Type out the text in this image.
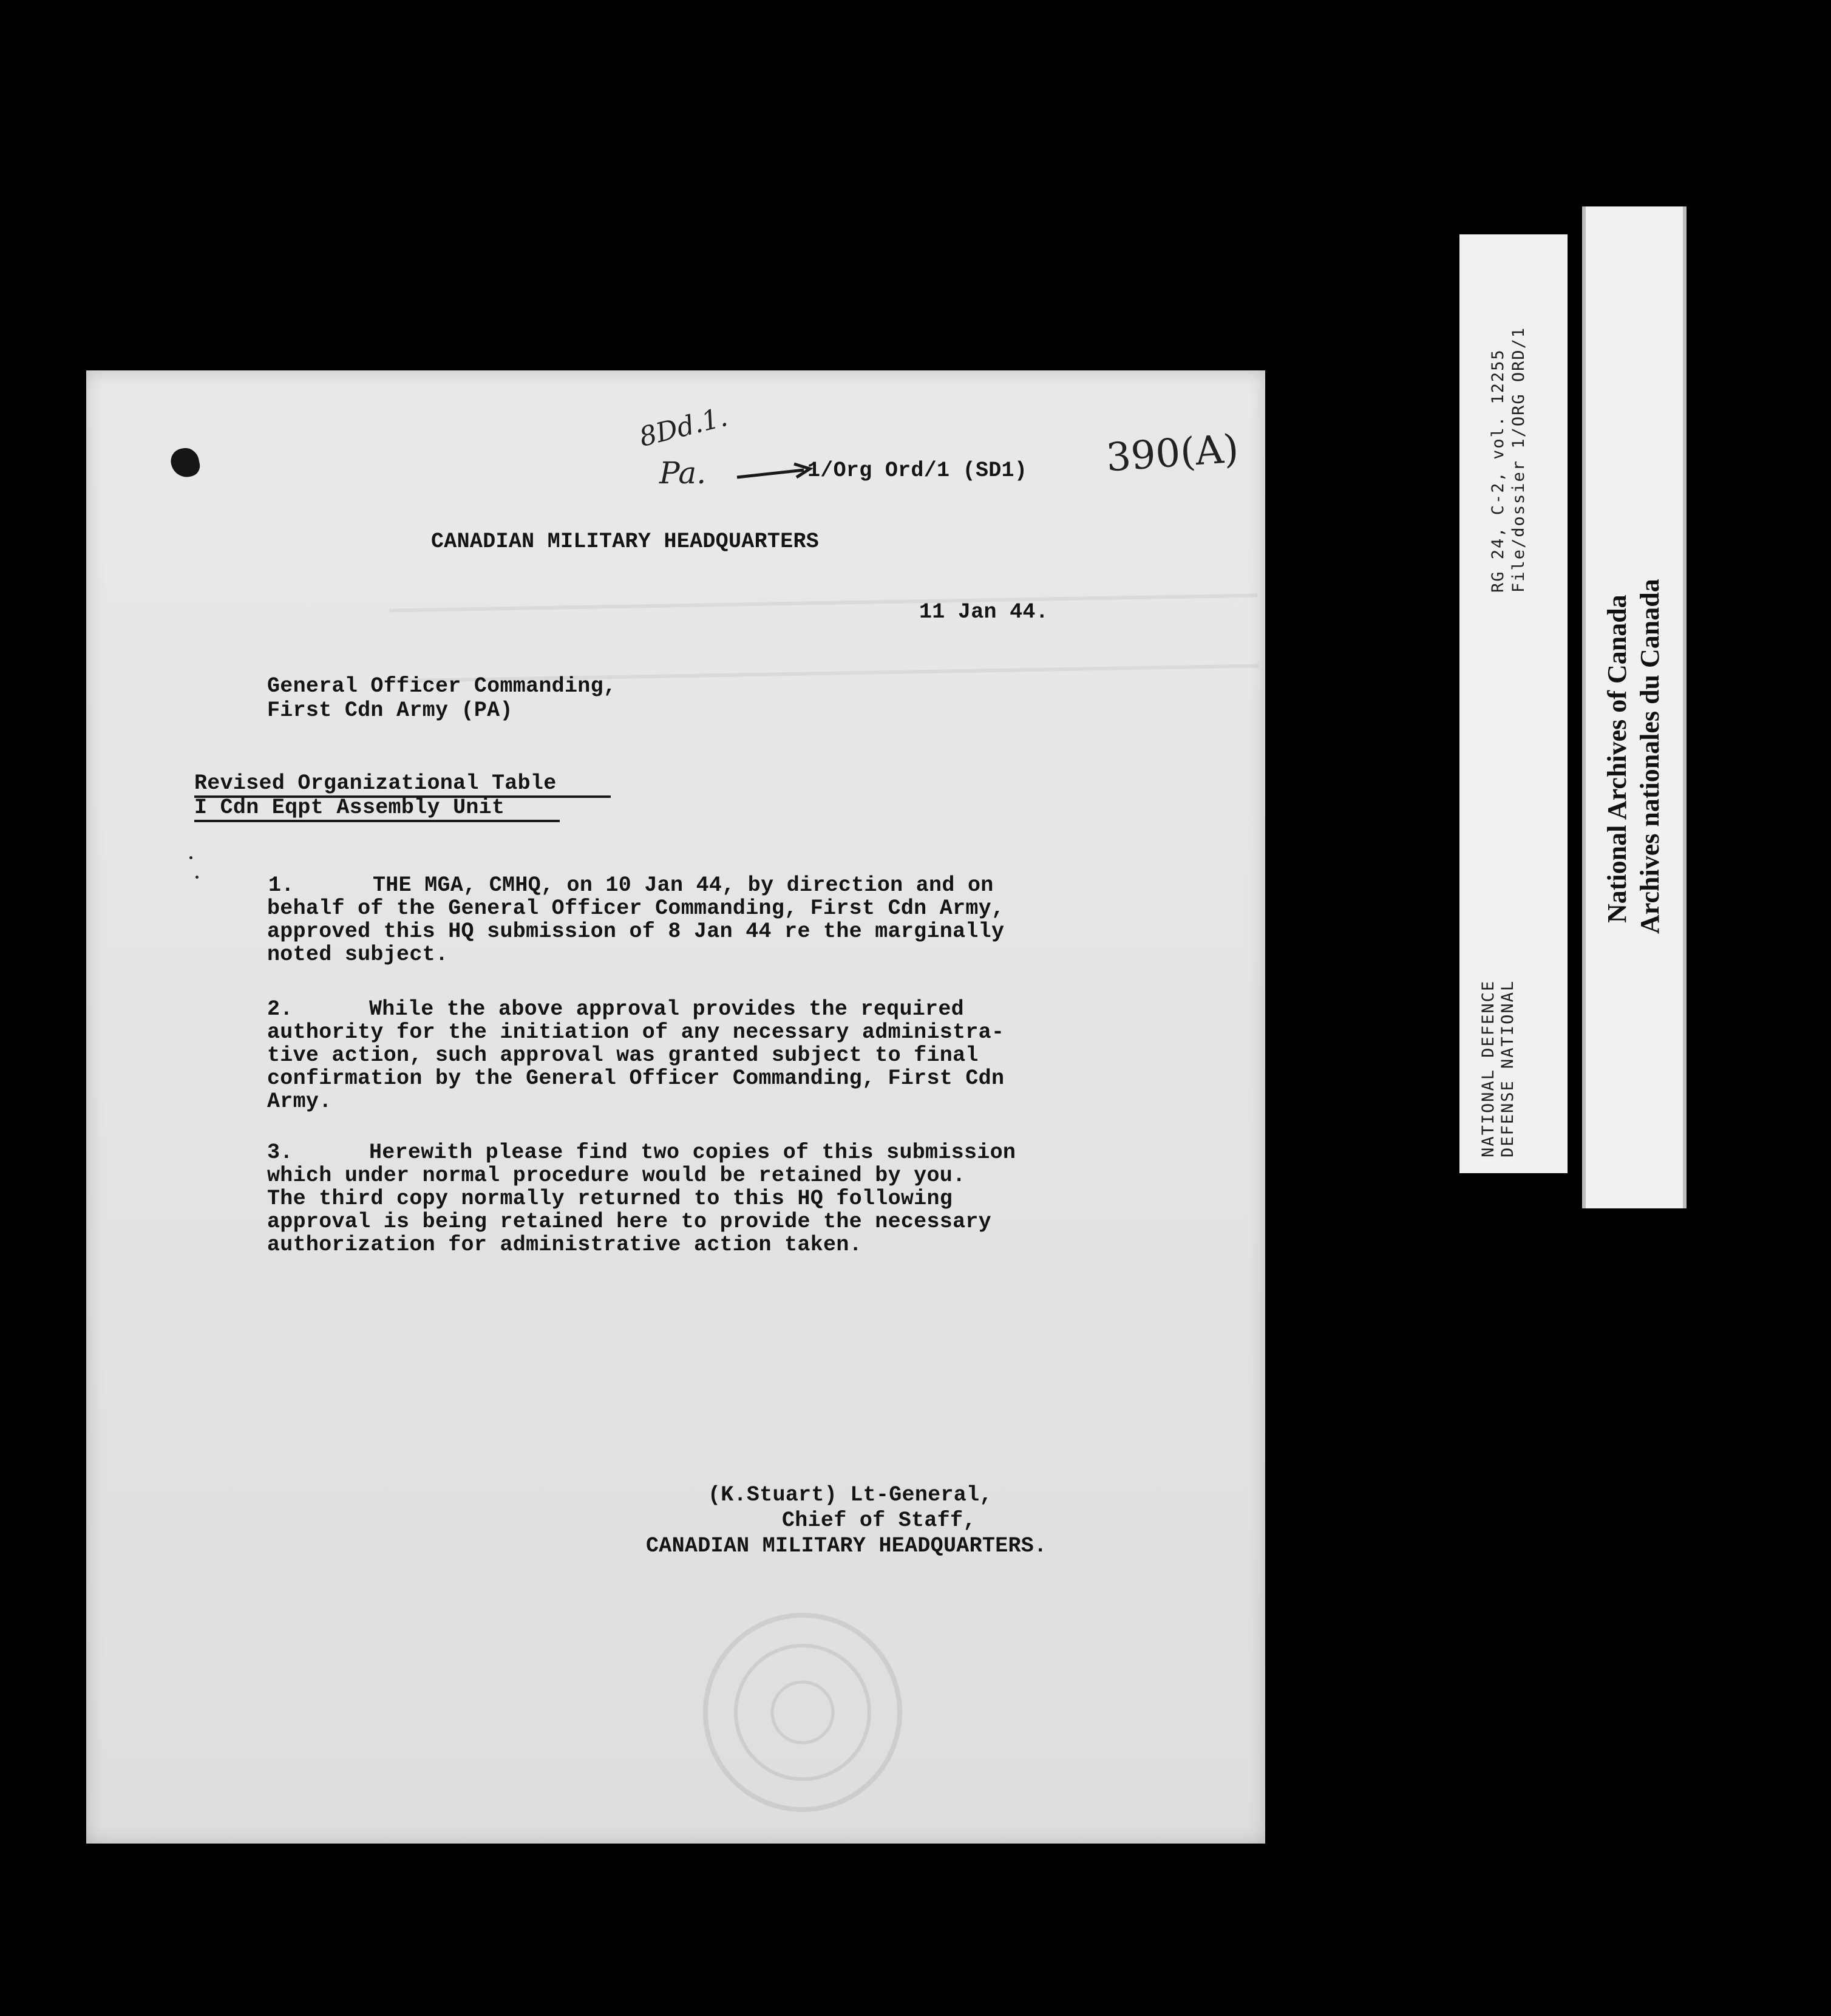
8Dd.1.
Pa.	1/Org Ord/1 (SD1) 390(A)
CANADIAN MILITARY HEADQUARTERS
11 Jan 44.
General Officer Commanding,
First Cdn Army (PA)
Revised Organizational Table
I Cdn Eqpt Assembly Unit
1.	THE MGA, CMHQ, on 10 Jan 44, by direction and on
behalf of the General Officer Commanding, First Cdn Army,
approved this HQ submission of 8 Jan 44 re the marginally
noted subject.
2.	While the above approval provides the required
authority for the initiation of any necessary administra-
tive action, such approval was granted subject to final
confirmation by the General Officer Commanding, First Cdn
Army.
3.	Herewith please find two copies of this submission
which under normal procedure would be retained by you.
The third copy normally returned to this HQ following
approval is being retained here to provide the necessary
authorization for administrative action taken.
(K.Stuart) Lt-General,
Chief of Staff,
CANADIAN MILITARY HEADQUARTERS.
RG 24, C-2, vol. 12255 File/dossier 1/ORG ORD/1
NATIONAL DEFENCE DEFENSE NATIONAL
National Archives of Canada Archives nationales du Canada
